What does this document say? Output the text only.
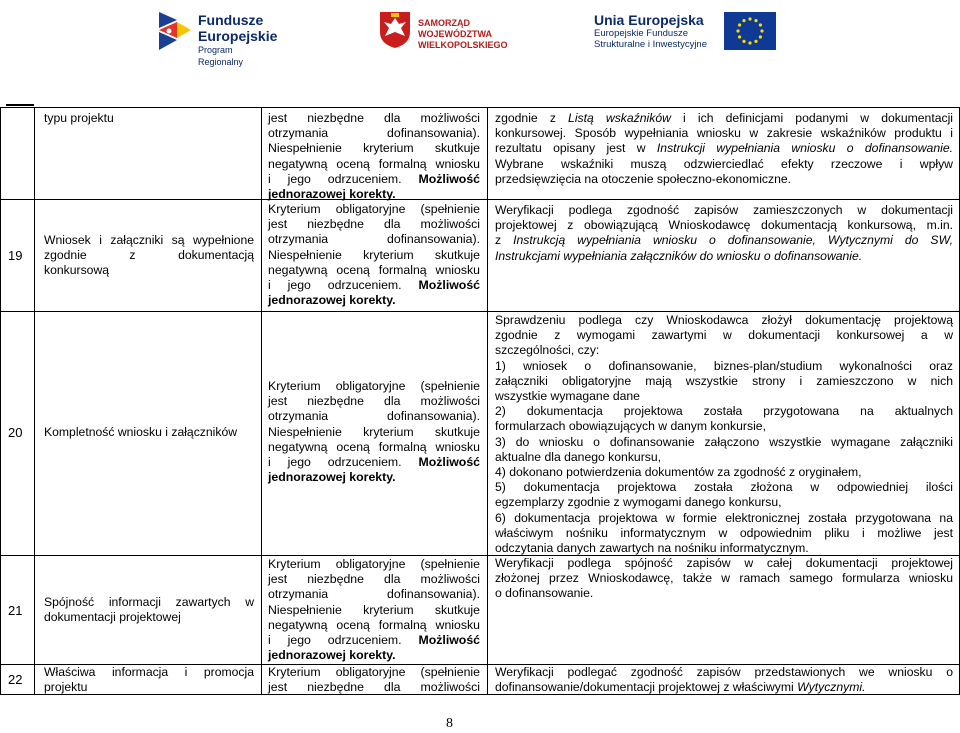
Fundusze
Europejskie
Program Regionalny
SAMORZĄD WOJEWÓDZTWA
WIELKOPOLSKIEGO
Unia Europejska
Europejskie Fundusze
Strukturalne i Inwestycyjne
typu projektu	jest niezbędne dla możliwości
otrzymania dofinansowania).
Niespełnienie kryterium skutkuje
negatywną oceną formalną wniosku
i jego odrzuceniem. Możliwość
jednorazowej korekty.
zgodnie z Listą wskaźników i ich definicjami podanymi w dokumentacji
konkursowej. Sposób wypełniania wniosku w zakresie wskaźników produktu i
rezultatu opisany jest w Instrukcji wypełniania wniosku o dofinansowanie.
Wybrane wskaźniki muszą odzwierciedlać efekty rzeczowe i wpływ
przedsięwzięcia na otoczenie społeczno-ekonomiczne.
19
Wniosek i załączniki są wypełnione
zgodnie z dokumentacją
konkursową
Kryterium obligatoryjne (spełnienie
jest niezbędne dla możliwości
otrzymania dofinansowania).
Niespełnienie kryterium skutkuje
negatywną oceną formalną wniosku
i jego odrzuceniem. Możliwość
jednorazowej korekty.
Weryfikacji podlega zgodność zapisów zamieszczonych w dokumentacji
projektowej z obowiązującą Wnioskodawcę dokumentacją konkursową, m.in.
z Instrukcją wypełniania wniosku o dofinansowanie, Wytycznymi do SW,
Instrukcjami wypełniania załączników do wniosku o dofinansowanie.
20 Kompletność wniosku i załączników
Kryterium obligatoryjne (spełnienie
jest niezbędne dla możliwości
otrzymania dofinansowania).
Niespełnienie kryterium skutkuje
negatywną oceną formalną wniosku
i jego odrzuceniem. Możliwość
jednorazowej korekty.
Sprawdzeniu podlega czy Wnioskodawca złożył dokumentację projektową
zgodnie z wymogami zawartymi w dokumentacji konkursowej a w
szczególności, czy:
1) wniosek o dofinansowanie, biznes-plan/studium wykonalności oraz
załączniki obligatoryjne mają wszystkie strony i zamieszczono w nich
wszystkie wymagane dane
2) dokumentacja projektowa została przygotowana na aktualnych
formularzach obowiązujących w danym konkursie,
3) do wniosku o dofinansowanie załączono wszystkie wymagane załączniki
aktualne dla danego konkursu,
4) dokonano potwierdzenia dokumentów za zgodność z oryginałem,
5) dokumentacja projektowa została złożona w odpowiedniej ilości
egzemplarzy zgodnie z wymogami danego konkursu,
6) dokumentacja projektowa w formie elektronicznej została przygotowana na
właściwym nośniku informatycznym w odpowiednim pliku i możliwe jest
odczytania danych zawartych na nośniku informatycznym.
21
Spójność informacji zawartych w
dokumentacji projektowej
Kryterium obligatoryjne (spełnienie
jest niezbędne dla możliwości
otrzymania dofinansowania).
Niespełnienie kryterium skutkuje
negatywną oceną formalną wniosku
i jego odrzuceniem. Możliwość
jednorazowej korekty.
Weryfikacji podlega spójność zapisów w całej dokumentacji projektowej
złożonej przez Wnioskodawcę, także w ramach samego formularza wniosku
o dofinansowanie.
22 Właściwa informacja i promocja
projektu
Kryterium obligatoryjne (spełnienie
jest niezbędne dla możliwości
Weryfikacji podlegać zgodność zapisów przedstawionych we wniosku o
dofinansowanie/dokumentacji projektowej z właściwymi Wytycznymi.
8
